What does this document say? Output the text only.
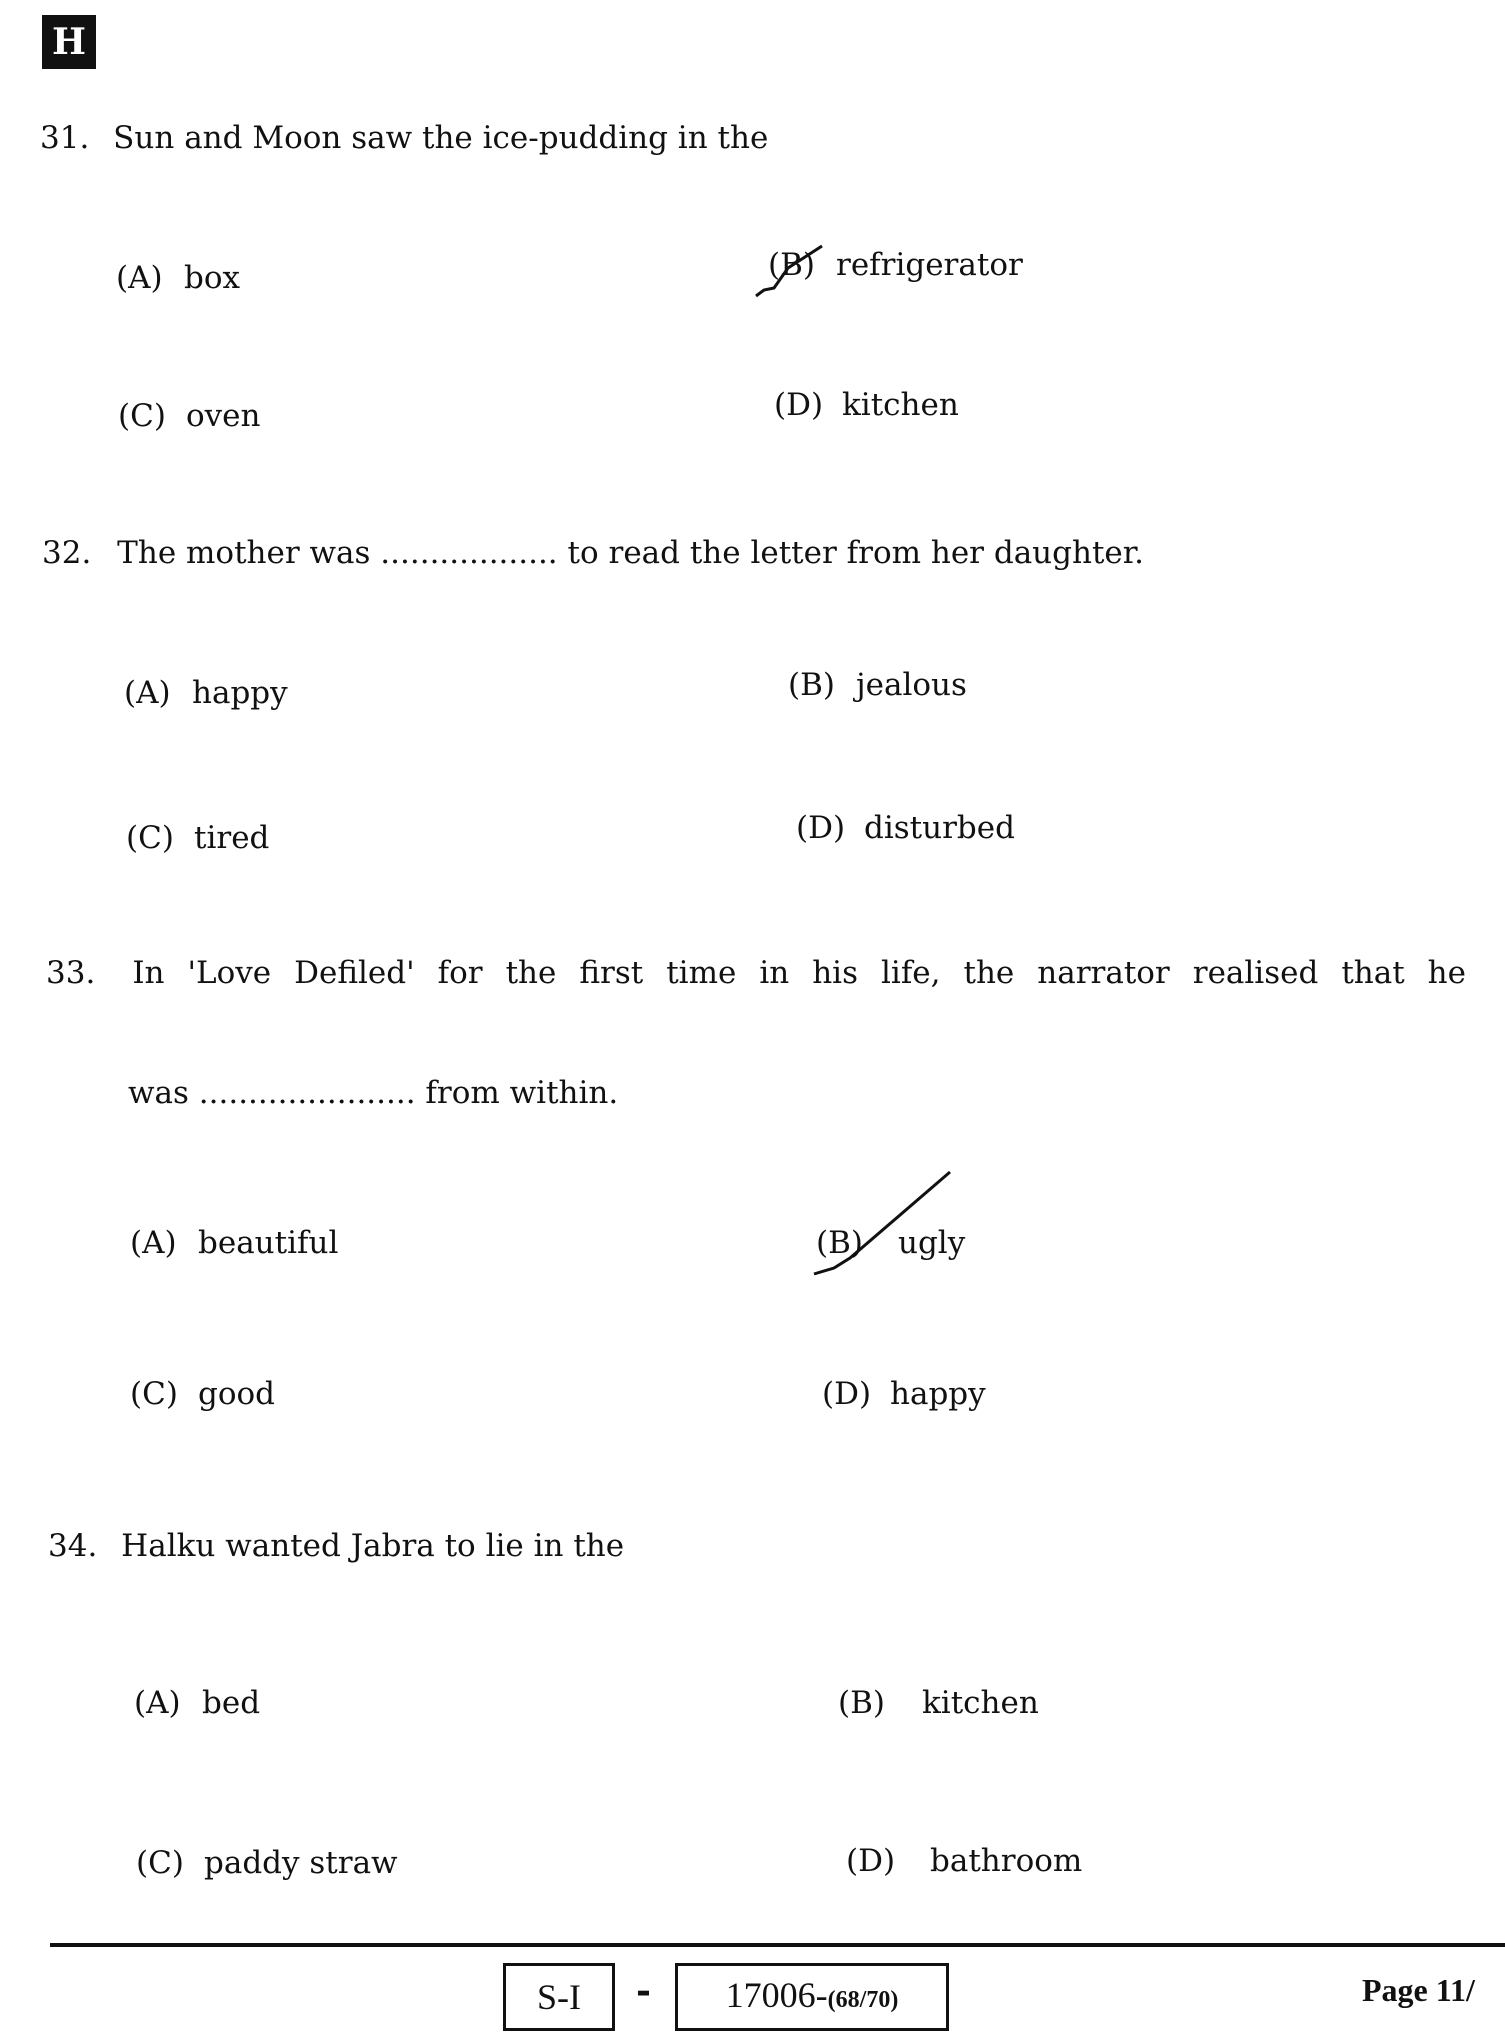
H
31. Sun and Moon saw the ice-pudding in the
(A) box	(B) refrigerator
(C) oven	(D) kitchen
32. The mother was .................. to read the letter from her daughter.
(A) happy	(B) jealous
(C) tired	(D) disturbed
33. In 'Love Defiled' for the first time in his life, the narrator realised that he
was ...................... from within.
(A) beautiful	(B) ugly
(C) good	(D) happy
34. Halku wanted Jabra to lie in the
(A) bed	(B) kitchen
(C) paddy straw	(D) bathroom
S-I	-	17006-(68/70)	Page 11/
